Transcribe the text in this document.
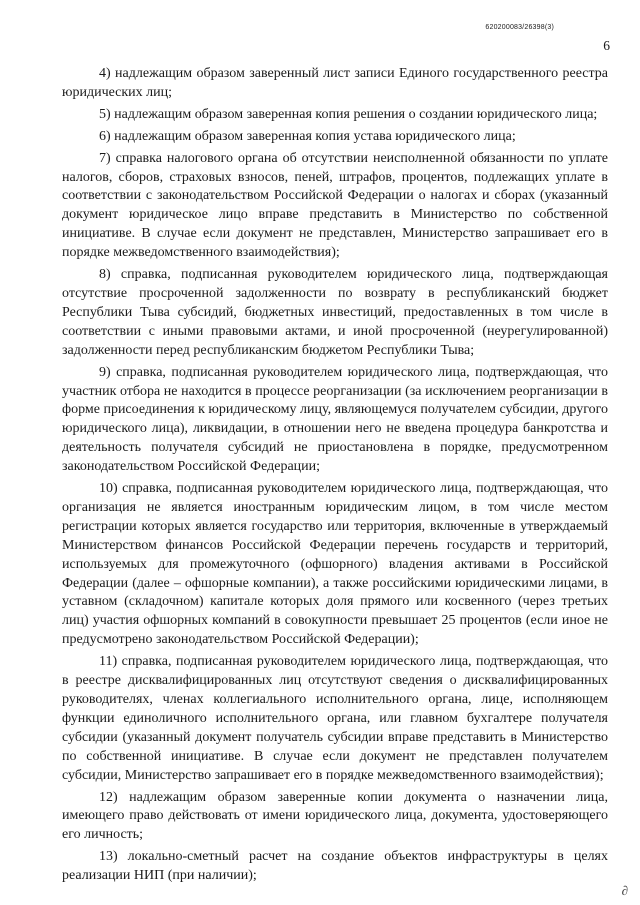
620200083/26398(3)
6

4) надлежащим образом заверенный лист записи Единого государственного реестра юридических лиц;

5) надлежащим образом заверенная копия решения о создании юридического лица;

6) надлежащим образом заверенная копия устава юридического лица;

7) справка налогового органа об отсутствии неисполненной обязанности по уплате налогов, сборов, страховых взносов, пеней, штрафов, процентов, подлежащих уплате в соответствии с законодательством Российской Федерации о налогах и сборах (указанный документ юридическое лицо вправе представить в Министерство по собственной инициативе. В случае если документ не представлен, Министерство запрашивает его в порядке межведомственного взаимодействия);

8) справка, подписанная руководителем юридического лица, подтверждающая отсутствие просроченной задолженности по возврату в республиканский бюджет Республики Тыва субсидий, бюджетных инвестиций, предоставленных в том числе в соответствии с иными правовыми актами, и иной просроченной (неурегулированной) задолженности перед республиканским бюджетом Республики Тыва;

9) справка, подписанная руководителем юридического лица, подтверждающая, что участник отбора не находится в процессе реорганизации (за исключением реорганизации в форме присоединения к юридическому лицу, являющемуся получателем субсидии, другого юридического лица), ликвидации, в отношении него не введена процедура банкротства и деятельность получателя субсидий не приостановлена в порядке, предусмотренном законодательством Российской Федерации;

10) справка, подписанная руководителем юридического лица, подтверждающая, что организация не является иностранным юридическим лицом, в том числе местом регистрации которых является государство или территория, включенные в утверждаемый Министерством финансов Российской Федерации перечень государств и территорий, используемых для промежуточного (офшорного) владения активами в Российской Федерации (далее – офшорные компании), а также российскими юридическими лицами, в уставном (складочном) капитале которых доля прямого или косвенного (через третьих лиц) участия офшорных компаний в совокупности превышает 25 процентов (если иное не предусмотрено законодательством Российской Федерации);

11) справка, подписанная руководителем юридического лица, подтверждающая, что в реестре дисквалифицированных лиц отсутствуют сведения о дисквалифицированных руководителях, членах коллегиального исполнительного органа, лице, исполняющем функции единоличного исполнительного органа, или главном бухгалтере получателя субсидии (указанный документ получатель субсидии вправе представить в Министерство по собственной инициативе. В случае если документ не представлен получателем субсидии, Министерство запрашивает его в порядке межведомственного взаимодействия);

12) надлежащим образом заверенные копии документа о назначении лица, имеющего право действовать от имени юридического лица, документа, удостоверяющего его личность;

13) локально-сметный расчет на создание объектов инфраструктуры в целях реализации НИП (при наличии);

∂
